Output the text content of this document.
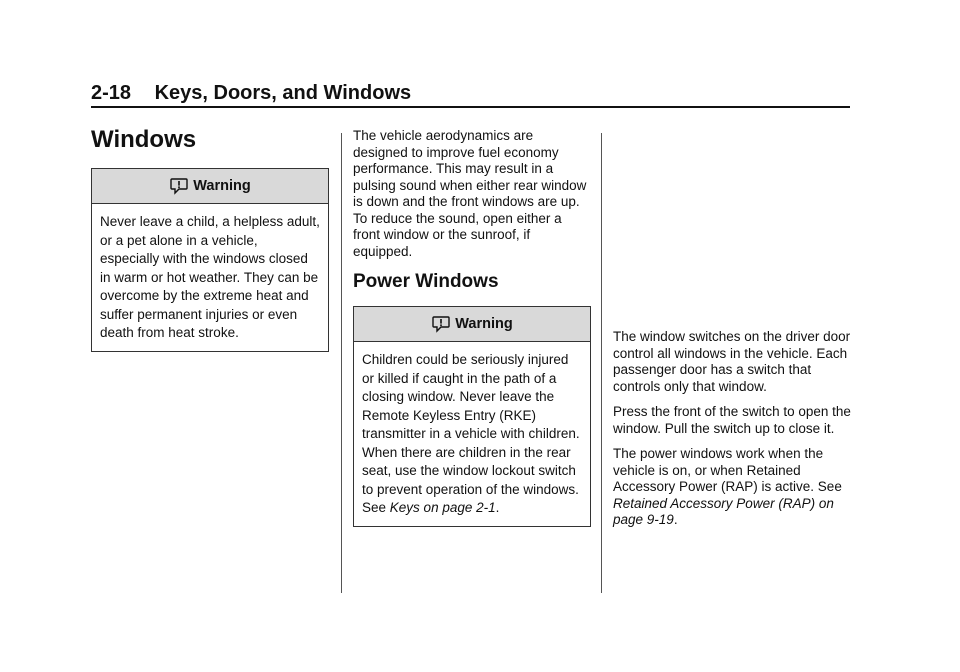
2-18 Keys, Doors, and Windows
Windows
Warning
Never leave a child, a helpless adult, or a pet alone in a vehicle, especially with the windows closed in warm or hot weather. They can be overcome by the extreme heat and suffer permanent injuries or even death from heat stroke.

The vehicle aerodynamics are designed to improve fuel economy performance. This may result in a pulsing sound when either rear window is down and the front windows are up. To reduce the sound, open either a front window or the sunroof, if equipped.

Power Windows
Warning
Children could be seriously injured or killed if caught in the path of a closing window. Never leave the Remote Keyless Entry (RKE) transmitter in a vehicle with children. When there are children in the rear seat, use the window lockout switch to prevent operation of the windows. See Keys on page 2-1.

The window switches on the driver door control all windows in the vehicle. Each passenger door has a switch that controls only that window.

Press the front of the switch to open the window. Pull the switch up to close it.

The power windows work when the vehicle is on, or when Retained Accessory Power (RAP) is active. See Retained Accessory Power (RAP) on page 9-19.
